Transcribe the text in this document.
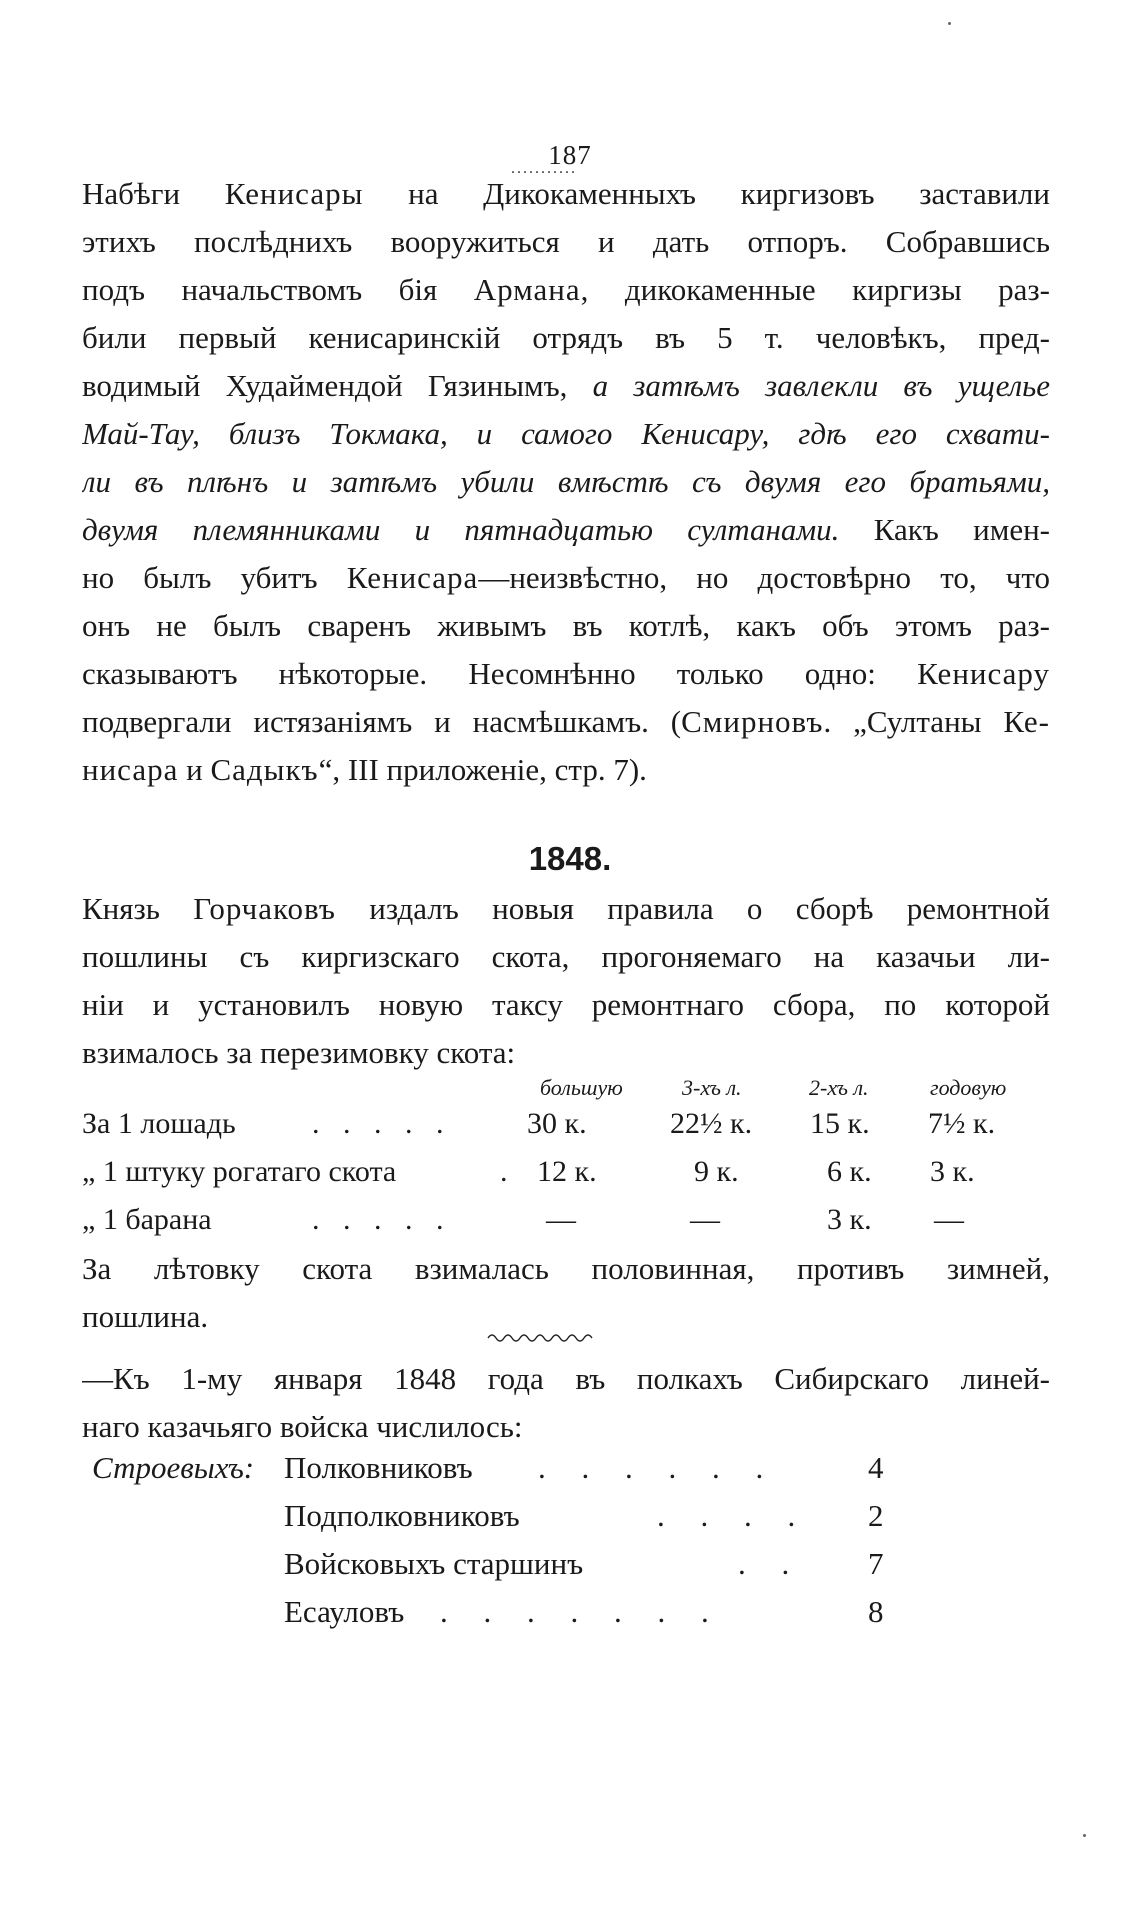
187
...........
Набѣги Кенисары на Дикокаменныхъ киргизовъ заставили
этихъ послѣднихъ вооружиться и дать отпоръ. Собравшись
подъ начальствомъ бія Армана, дикокаменные киргизы раз-
били первый кенисаринскій отрядъ въ 5 т. человѣкъ, пред-
водимый Худаймендой Гязинымъ, а затѣмъ завлекли въ ущелье
Май-Тау, близъ Токмака, и самого Кенисару, гдѣ его схвати-
ли въ плѣнъ и затѣмъ убили вмѣстѣ съ двумя его братьями,
двумя племянниками и пятнадцатью султанами. Какъ имен-
но былъ убитъ Кенисара—неизвѣстно, но достовѣрно то, что
онъ не былъ сваренъ живымъ въ котлѣ, какъ объ этомъ раз-
сказываютъ нѣкоторые. Несомнѣнно только одно: Кенисару
подвергали истязаніямъ и насмѣшкамъ. (Смирновъ. „Султаны Ке-
нисара и Садыкъ“, III приложеніе, стр. 7).
1848.
Князь Горчаковъ издалъ новыя правила о сборѣ ремонтной
пошлины съ киргизскаго скота, прогоняемаго на казачьи ли-
ніи и установилъ новую таксу ремонтнаго сбора, по которой
взималось за перезимовку скота:
большую	3-хъ л.	2-хъ л.	годовую
За 1 лошадь	. . . . .	30 к.	22½ к. 15 к. 7½ к.
„ 1 штуку рогатаго скота	. 12 к.	9 к.	6 к. 3 к.
„ 1 барана	. . . . .	—	—	3 к. —
За лѣтовку скота взималась половинная, противъ зимней,
пошлина.
—Къ 1-му января 1848 года въ полкахъ Сибирскаго линей-
наго казачьяго войска числилось:
Строевыхъ: Полковниковъ . . . . . .	4
Подполковниковъ	. . . . 2
Войсковыхъ старшинъ	. . 7
Есауловъ . . . . . . .	8
